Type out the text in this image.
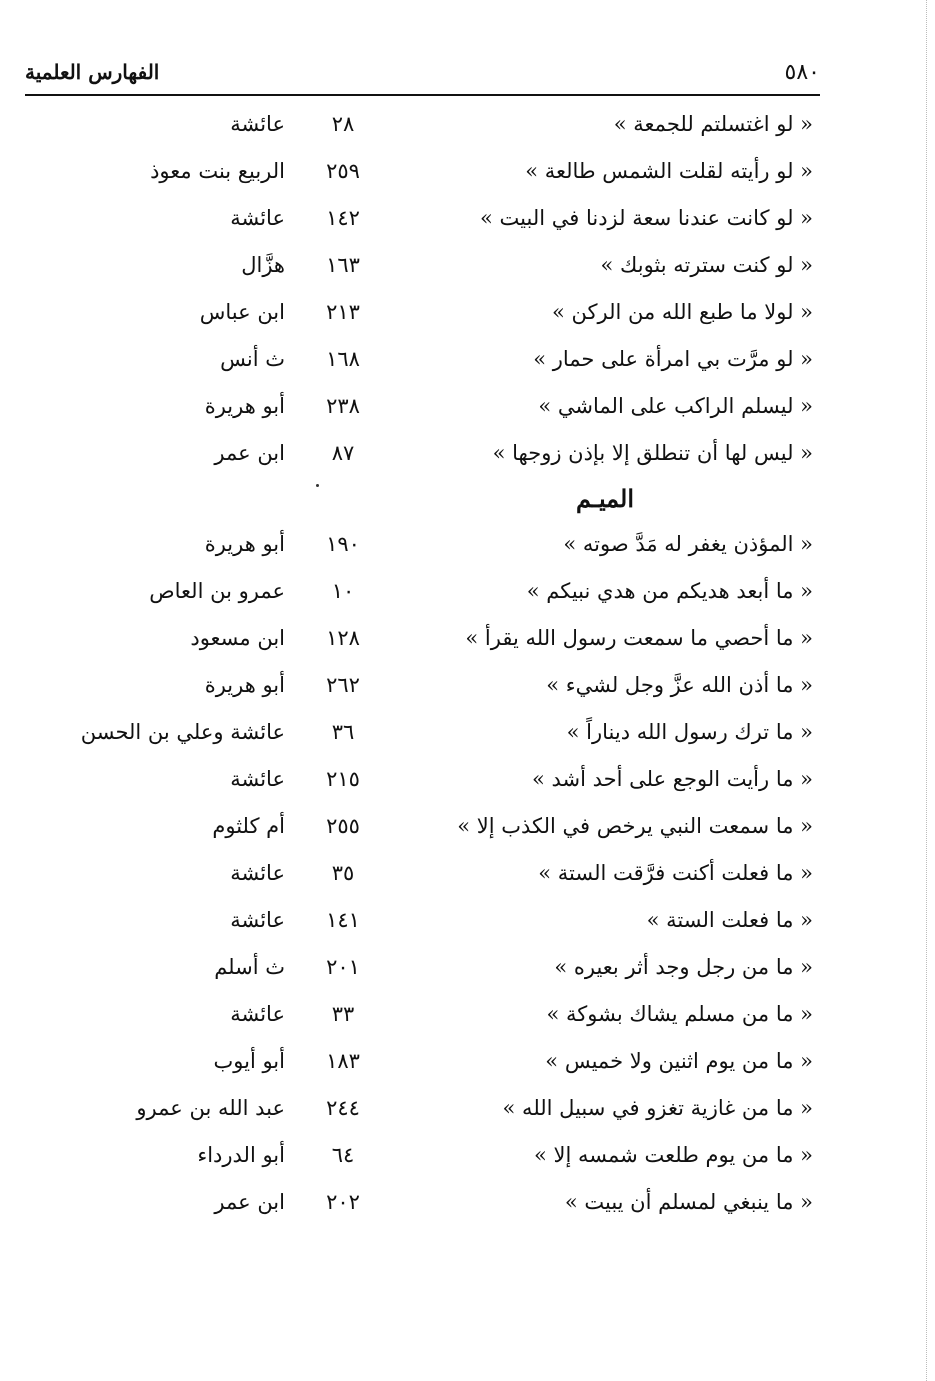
٥٨٠
الفهارس العلمية
« لو اغتسلتم للجمعة »
٢٨
عائشة
« لو رأيته لقلت الشمس طالعة »
٢٥٩
الربيع بنت معوذ
« لو كانت عندنا سعة لزدنا في البيت »
١٤٢
عائشة
« لو كنت سترته بثوبك »
١٦٣
هزَّال
« لولا ما طبع الله من الركن »
٢١٣
ابن عباس
« لو مرَّت بي امرأة على حمار »
١٦٨
ث أنس
« ليسلم الراكب على الماشي »
٢٣٨
أبو هريرة
« ليس لها أن تنطلق إلا بإذن زوجها »
٨٧
ابن عمر
الميـم
« المؤذن يغفر له مَدَّ صوته »
١٩٠
أبو هريرة
« ما أبعد هديكم من هدي نبيكم »
١٠
عمرو بن العاص
« ما أحصي ما سمعت رسول الله يقرأ »
١٢٨
ابن مسعود
« ما أذن الله عزَّ وجل لشيء »
٢٦٢
أبو هريرة
« ما ترك رسول الله ديناراً »
٣٦
عائشة وعلي بن الحسن
« ما رأيت الوجع على أحد أشد »
٢١٥
عائشة
« ما سمعت النبي يرخص في الكذب إلا »
٢٥٥
أم كلثوم
« ما فعلت أكنت فرَّقت الستة »
٣٥
عائشة
« ما فعلت الستة »
١٤١
عائشة
« ما من رجل وجد أثر بعيره »
٢٠١
ث أسلم
« ما من مسلم يشاك بشوكة »
٣٣
عائشة
« ما من يوم اثنين ولا خميس »
١٨٣
أبو أيوب
« ما من غازية تغزو في سبيل الله »
٢٤٤
عبد الله بن عمرو
« ما من يوم طلعت شمسه إلا »
٦٤
أبو الدرداء
« ما ينبغي لمسلم أن يبيت »
٢٠٢
ابن عمر
